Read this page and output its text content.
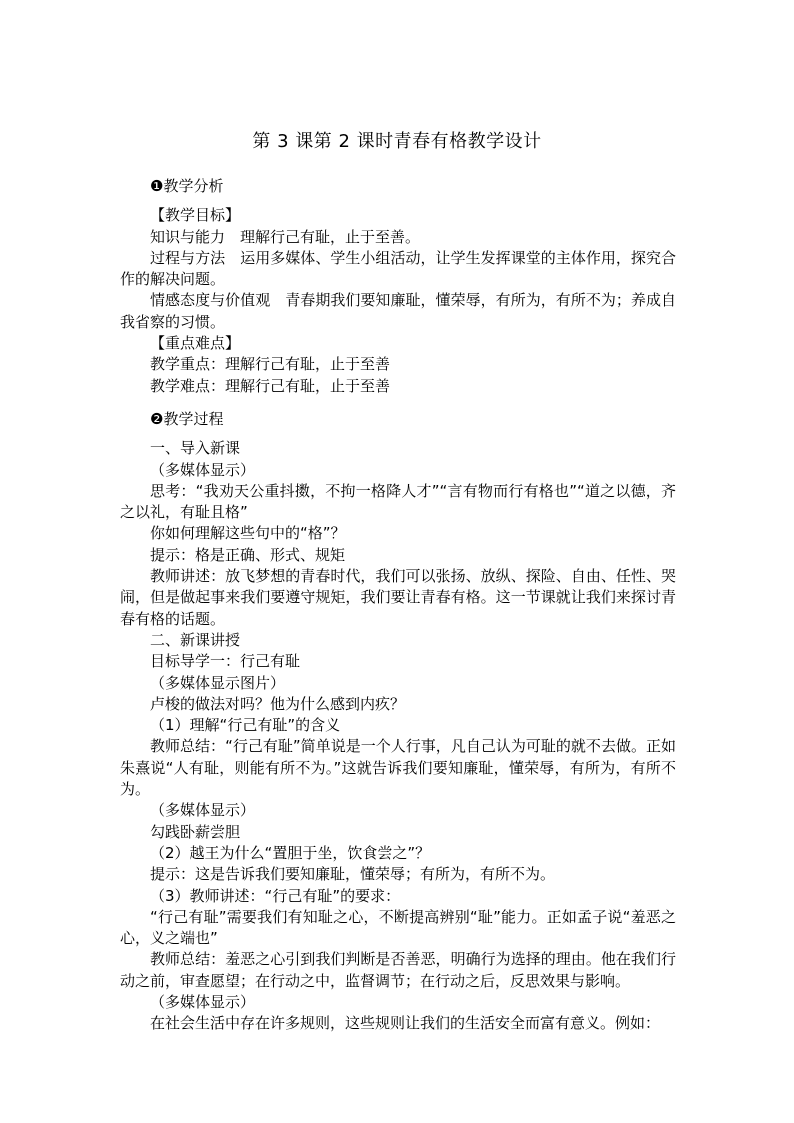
第 3 课第 2 课时青春有格教学设计
❶教学分析
【教学目标】
知识与能力　理解行己有耻，止于至善。
过程与方法　运用多媒体、学生小组活动，让学生发挥课堂的主体作用，探究合作的解决问题。
情感态度与价值观　青春期我们要知廉耻，懂荣辱，有所为，有所不为；养成自我省察的习惯。
【重点难点】
教学重点：理解行己有耻，止于至善
教学难点：理解行己有耻，止于至善
❷教学过程
一、导入新课
（多媒体显示）
思考：“我劝天公重抖擞，不拘一格降人才”“言有物而行有格也”“道之以德，齐之以礼，有耻且格”
你如何理解这些句中的“格”？
提示：格是正确、形式、规矩
教师讲述：放飞梦想的青春时代，我们可以张扬、放纵、探险、自由、任性、哭闹，但是做起事来我们要遵守规矩，我们要让青春有格。这一节课就让我们来探讨青春有格的话题。
二、新课讲授
目标导学一：行己有耻
（多媒体显示图片）
卢梭的做法对吗？他为什么感到内疚？
（1）理解“行己有耻”的含义
教师总结：“行己有耻”简单说是一个人行事，凡自己认为可耻的就不去做。正如朱熹说“人有耻，则能有所不为。”这就告诉我们要知廉耻，懂荣辱，有所为，有所不为。
（多媒体显示）
勾践卧薪尝胆
（2）越王为什么“置胆于坐，饮食尝之”？
提示：这是告诉我们要知廉耻，懂荣辱；有所为，有所不为。
（3）教师讲述：“行己有耻”的要求：
“行己有耻”需要我们有知耻之心，不断提高辨别“耻”能力。正如孟子说“羞恶之心，义之端也”
教师总结：羞恶之心引到我们判断是否善恶，明确行为选择的理由。他在我们行动之前，审查愿望；在行动之中，监督调节；在行动之后，反思效果与影响。
（多媒体显示）
在社会生活中存在许多规则，这些规则让我们的生活安全而富有意义。例如：
